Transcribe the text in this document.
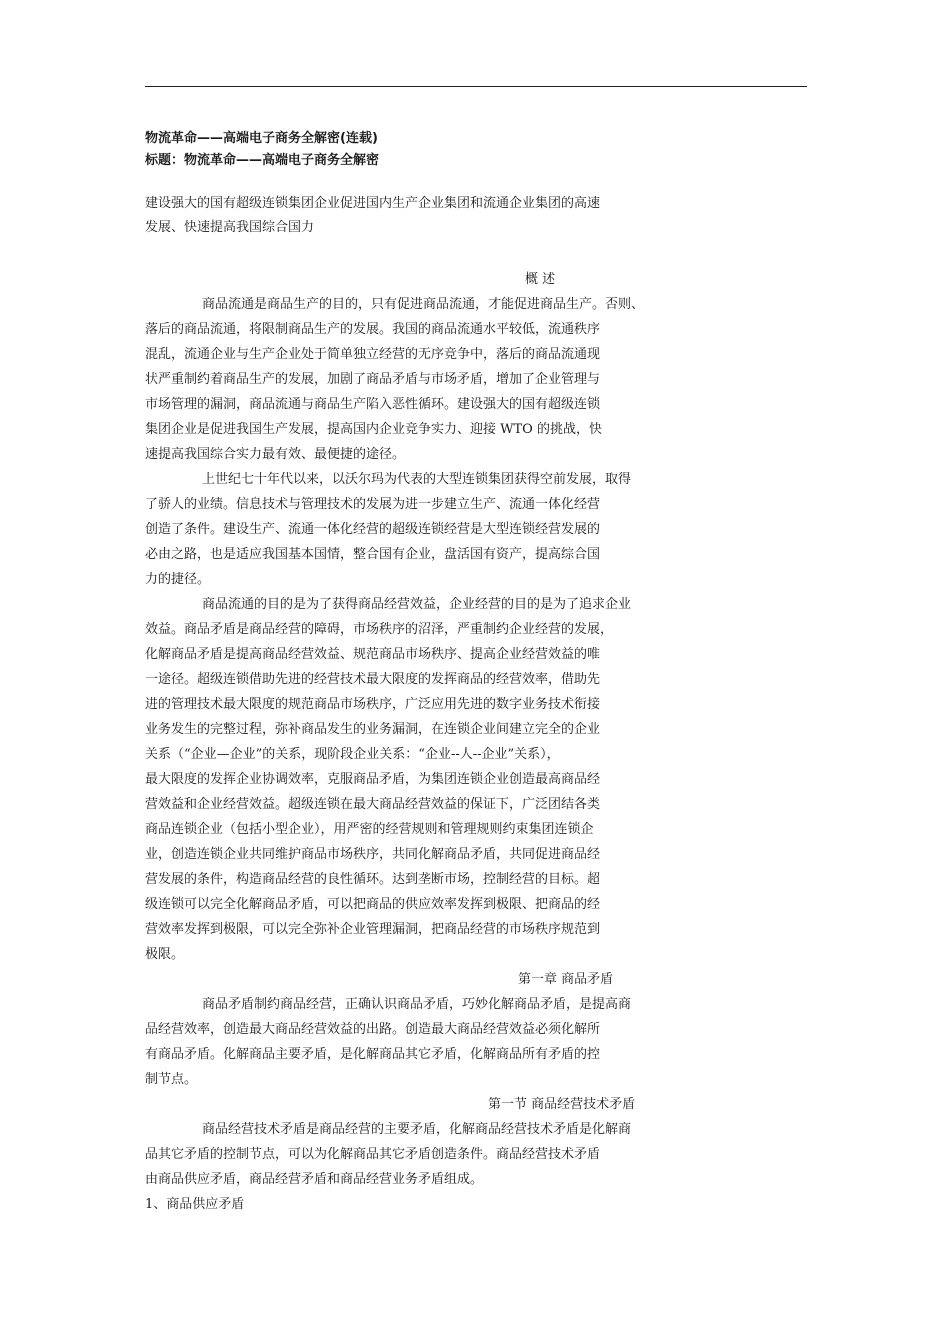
物流革命——高端电子商务全解密(连载)
标题：物流革命——高端电子商务全解密
建设强大的国有超级连锁集团企业促进国内生产企业集团和流通企业集团的高速
发展、快速提高我国综合国力
概 述
商品流通是商品生产的目的，只有促进商品流通，才能促进商品生产。否则、
落后的商品流通，将限制商品生产的发展。我国的商品流通水平较低，流通秩序
混乱，流通企业与生产企业处于简单独立经营的无序竞争中，落后的商品流通现
状严重制约着商品生产的发展，加剧了商品矛盾与市场矛盾，增加了企业管理与
市场管理的漏洞，商品流通与商品生产陷入恶性循环。建设强大的国有超级连锁
集团企业是促进我国生产发展，提高国内企业竞争实力、迎接 WTO 的挑战，快
速提高我国综合实力最有效、最便捷的途径。
上世纪七十年代以来，以沃尔玛为代表的大型连锁集团获得空前发展，取得
了骄人的业绩。信息技术与管理技术的发展为进一步建立生产、流通一体化经营
创造了条件。建设生产、流通一体化经营的超级连锁经营是大型连锁经营发展的
必由之路，也是适应我国基本国情，整合国有企业，盘活国有资产，提高综合国
力的捷径。
商品流通的目的是为了获得商品经营效益，企业经营的目的是为了追求企业
效益。商品矛盾是商品经营的障碍，市场秩序的沼泽，严重制约企业经营的发展，
化解商品矛盾是提高商品经营效益、规范商品市场秩序、提高企业经营效益的唯
一途径。超级连锁借助先进的经营技术最大限度的发挥商品的经营效率，借助先
进的管理技术最大限度的规范商品市场秩序，广泛应用先进的数字业务技术衔接
业务发生的完整过程，弥补商品发生的业务漏洞，在连锁企业间建立完全的企业
关系（“企业—企业”的关系，现阶段企业关系：“企业--人--企业”关系），
最大限度的发挥企业协调效率，克服商品矛盾，为集团连锁企业创造最高商品经
营效益和企业经营效益。超级连锁在最大商品经营效益的保证下，广泛团结各类
商品连锁企业（包括小型企业），用严密的经营规则和管理规则约束集团连锁企
业，创造连锁企业共同维护商品市场秩序，共同化解商品矛盾，共同促进商品经
营发展的条件，构造商品经营的良性循环。达到垄断市场，控制经营的目标。超
级连锁可以完全化解商品矛盾，可以把商品的供应效率发挥到极限、把商品的经
营效率发挥到极限，可以完全弥补企业管理漏洞，把商品经营的市场秩序规范到
极限。
第一章 商品矛盾
商品矛盾制约商品经营，正确认识商品矛盾，巧妙化解商品矛盾，是提高商
品经营效率，创造最大商品经营效益的出路。创造最大商品经营效益必须化解所
有商品矛盾。化解商品主要矛盾，是化解商品其它矛盾，化解商品所有矛盾的控
制节点。
第一节 商品经营技术矛盾
商品经营技术矛盾是商品经营的主要矛盾，化解商品经营技术矛盾是化解商
品其它矛盾的控制节点，可以为化解商品其它矛盾创造条件。商品经营技术矛盾
由商品供应矛盾，商品经营矛盾和商品经营业务矛盾组成。
1、商品供应矛盾
